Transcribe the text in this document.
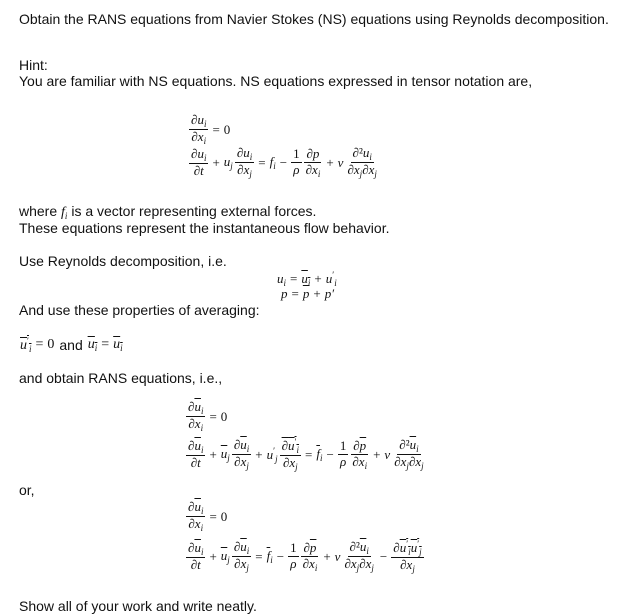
Obtain the RANS equations from Navier Stokes (NS) equations using Reynolds decomposition.
Hint:
You are familiar with NS equations. NS equations expressed in tensor notation are,
$\frac{\partial u_i}{\partial x_i} = 0$
$\frac{\partial u_i}{\partial t} + u_j \frac{\partial u_i}{\partial x_j} = f_i - \frac{1}{\rho} \frac{\partial p}{\partial x_i} + \nu \frac{\partial^2u_i}{\partial x_j\partial x_j}$
where $f_i$ is a vector representing external forces.
These equations represent the instantaneous flow behavior.
Use Reynolds decomposition, i.e.
$u_i = u_i + u'_i$
$p = \overline{p} + p'$
And use these properties of averaging:
$u'_i = 0$ and $u_i = u_i$
and obtain RANS equations, i.e.,
$\frac{\partial\overline{u}_i}{\partial x_i} = 0$
$\frac{\partial\overline{u}_i}{\partial t} + \overline{u}_j \frac{\partial\overline{u}_i}{\partial x_j} + u'_j \frac{\partial u'_i}{\partial x_j} = \overline{f}_i - \frac{1}{\rho} \frac{\partial\overline{p}}{\partial x_i} + \nu \frac{\partial^2\overline{u}_i}{\partial x_j\partial x_j}$
or,
$\frac{\partial\overline{u}_i}{\partial x_i} = 0$
$\frac{\partial\overline{u}_i}{\partial t} + \overline{u}_j \frac{\partial\overline{u}_i}{\partial x_j} = \overline{f}_i - \frac{1}{\rho} \frac{\partial\overline{p}}{\partial x_i} + \nu \frac{\partial^2\overline{u}_i}{\partial x_j\partial x_j} - \frac{\partial u'_iu'_j}{\partial x_j}$
Show all of your work and write neatly.
